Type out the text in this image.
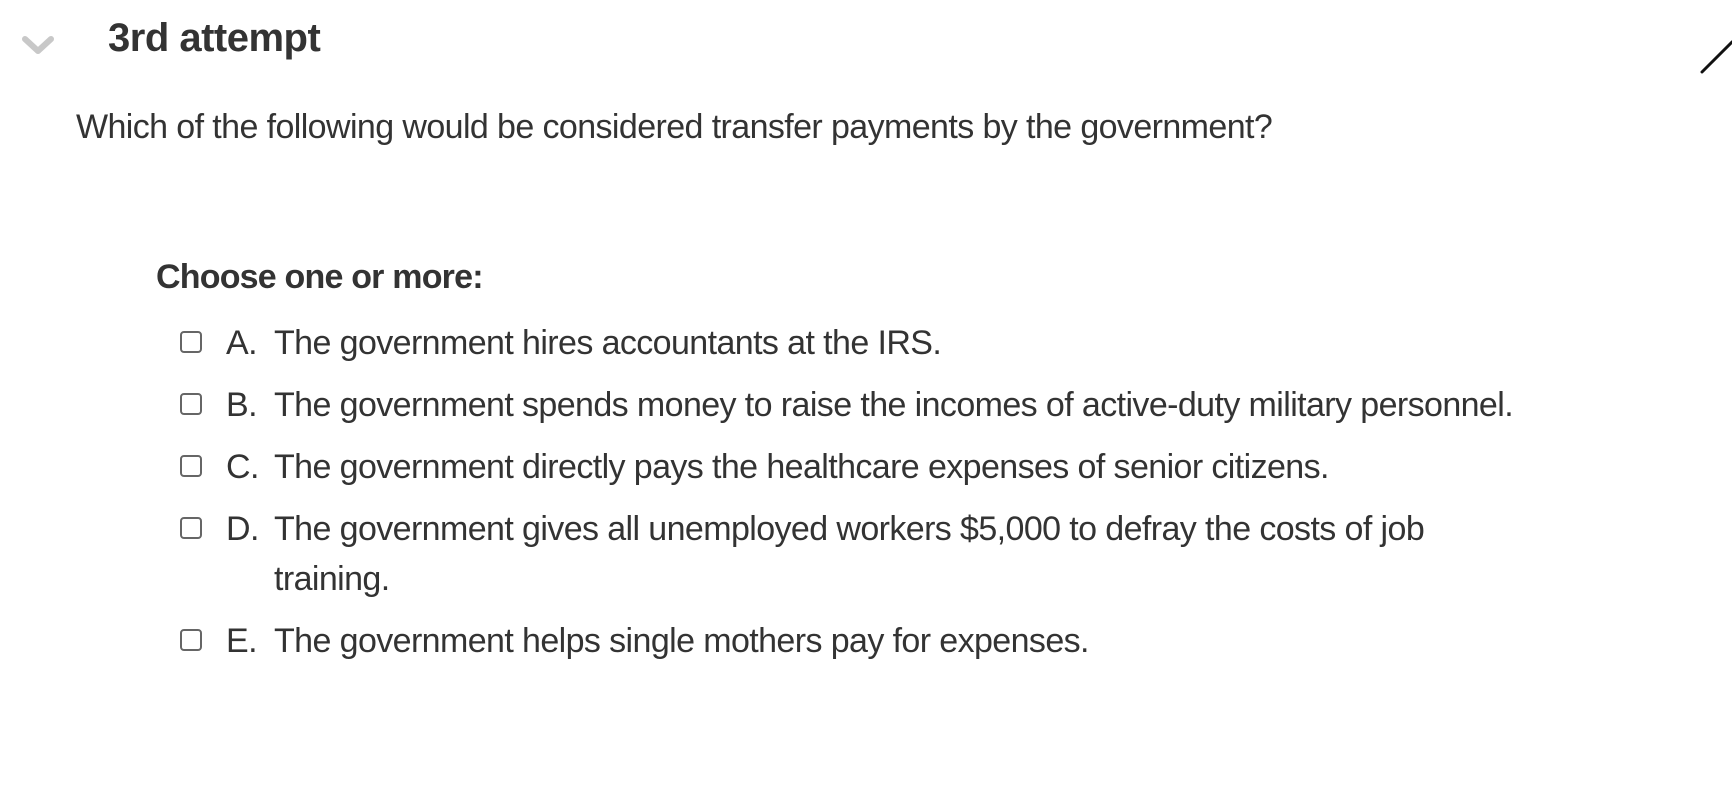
3rd attempt
Which of the following would be considered transfer payments by the government?
Choose one or more:
A. The government hires accountants at the IRS.
B. The government spends money to raise the incomes of active-duty military personnel.
C. The government directly pays the healthcare expenses of senior citizens.
D. The government gives all unemployed workers $5,000 to defray the costs of job training.
E. The government helps single mothers pay for expenses.
